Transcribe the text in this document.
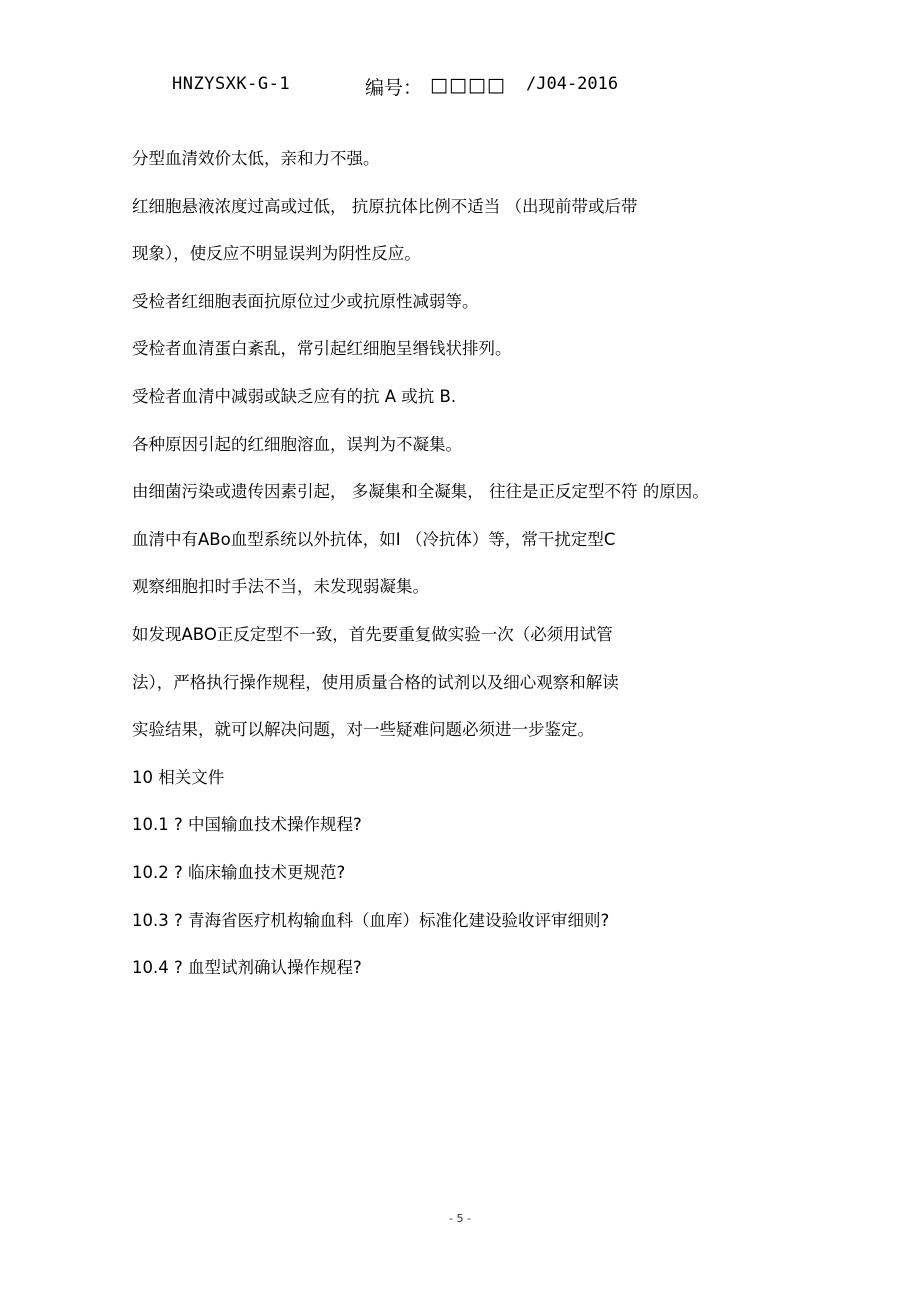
HNZYSXK-G-1	编号： □□□□ /J04-2016
分型血清效价太低，亲和力不强。
红细胞悬液浓度过高或过低， 抗原抗体比例不适当 （出现前带或后带
现象），使反应不明显误判为阴性反应。
受检者红细胞表面抗原位过少或抗原性减弱等。
受检者血清蛋白紊乱，常引起红细胞呈缗钱状排列。
受检者血清中减弱或缺乏应有的抗 A 或抗 B.
各种原因引起的红细胞溶血，误判为不凝集。
由细菌污染或遗传因素引起， 多凝集和全凝集， 往往是正反定型不符 的原因。
血清中有ABo血型系统以外抗体，如I （冷抗体）等，常干扰定型C
观察细胞扣时手法不当，未发现弱凝集。
如发现ABO正反定型不一致，首先要重复做实验一次（必须用试管
法），严格执行操作规程，使用质量合格的试剂以及细心观察和解读
实验结果，就可以解决问题，对一些疑难问题必须进一步鉴定。
10 相关文件
10.1 ? 中国输血技术操作规程?
10.2 ? 临床输血技术更规范?
10.3 ? 青海省医疗机构输血科（血库）标准化建设验收评审细则?
10.4 ? 血型试剂确认操作规程?
- 5 -
